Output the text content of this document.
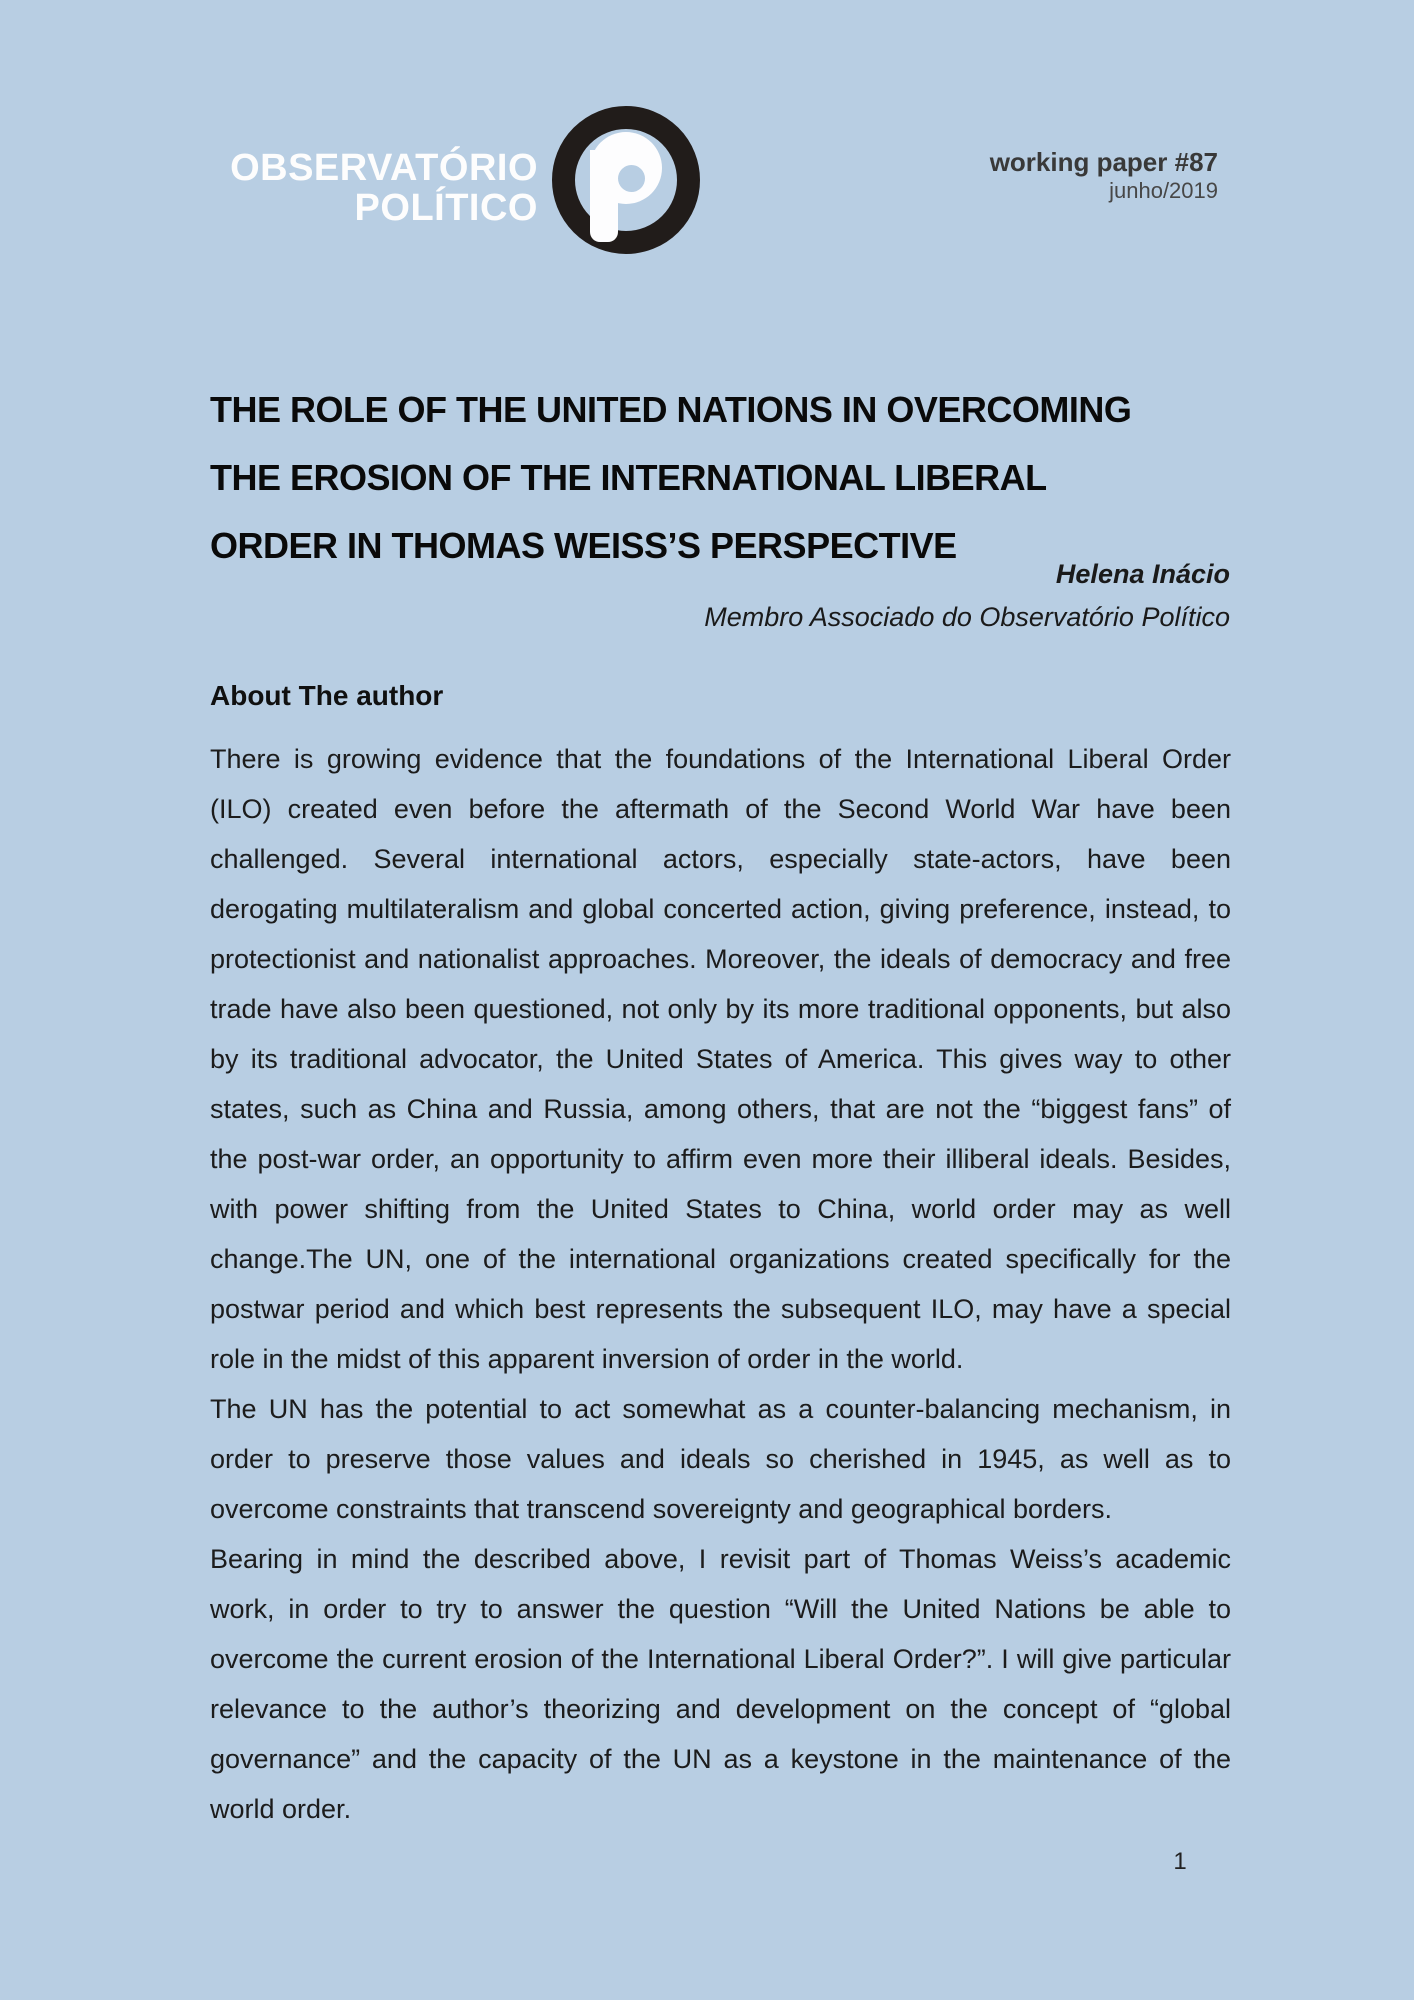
OBSERVATÓRIO
POLÍTICO
working paper #87
junho/2019
THE ROLE OF THE UNITED NATIONS IN OVERCOMING
THE EROSION OF THE INTERNATIONAL LIBERAL
ORDER IN THOMAS WEISS’S PERSPECTIVE
Helena Inácio
Membro Associado do Observatório Político
About The author

There is growing evidence that the foundations of the International Liberal Order (ILO) created even before the aftermath of the Second World War have been challenged. Several international actors, especially state-actors, have been derogating multilateralism and global concerted action, giving preference, instead, to protectionist and nationalist approaches. Moreover, the ideals of democracy and free trade have also been questioned, not only by its more traditional opponents, but also by its traditional advocator, the United States of America. This gives way to other states, such as China and Russia, among others, that are not the “biggest fans” of the post-war order, an opportunity to affirm even more their illiberal ideals. Besides, with power shifting from the United States to China, world order may as well change.The UN, one of the international organizations created specifically for the postwar period and which best represents the subsequent ILO, may have a special role in the midst of this apparent inversion of order in the world.

The UN has the potential to act somewhat as a counter-balancing mechanism, in order to preserve those values and ideals so cherished in 1945, as well as to overcome constraints that transcend sovereignty and geographical borders.

Bearing in mind the described above, I revisit part of Thomas Weiss’s academic work, in order to try to answer the question “Will the United Nations be able to overcome the current erosion of the International Liberal Order?”. I will give particular relevance to the author’s theorizing and development on the concept of “global governance” and the capacity of the UN as a keystone in the maintenance of the world order.

1
